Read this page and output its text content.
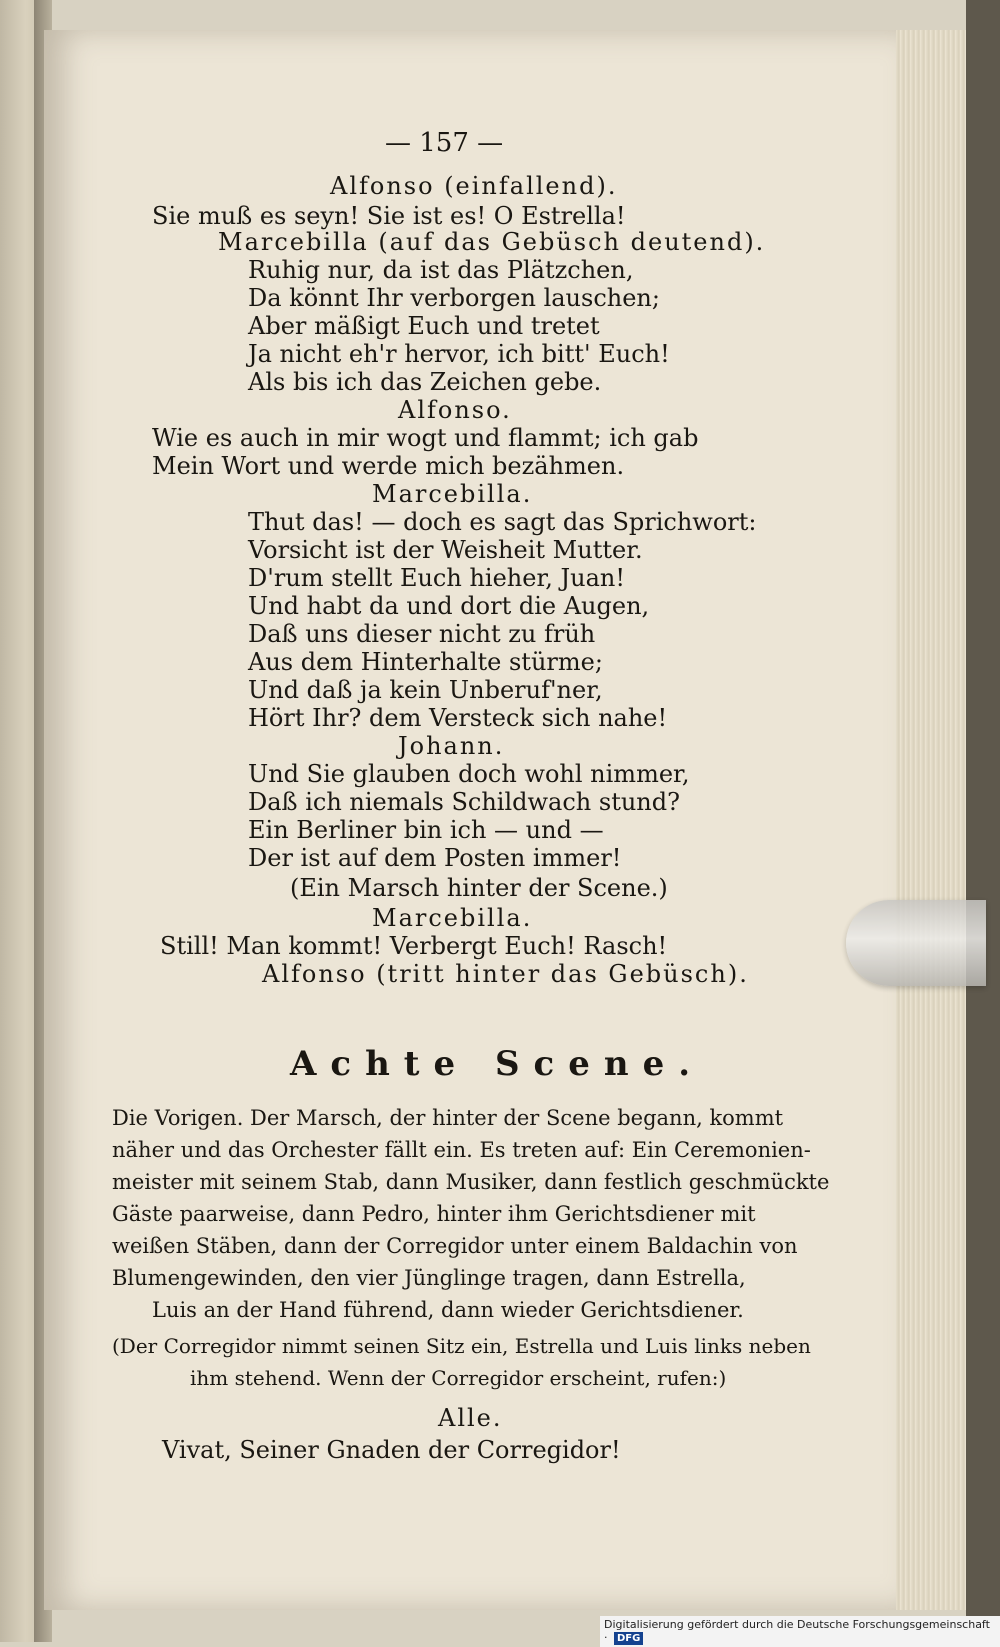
— 157 —
Alfonso (einfallend).
Sie muß es seyn! Sie ist es! O Estrella!
Marcebilla (auf das Gebüsch deutend).
Ruhig nur, da ist das Plätzchen,
Da könnt Ihr verborgen lauschen;
Aber mäßigt Euch und tretet
Ja nicht eh'r hervor, ich bitt' Euch!
Als bis ich das Zeichen gebe.
Alfonso.
Wie es auch in mir wogt und flammt; ich gab
Mein Wort und werde mich bezähmen.
Marcebilla.
Thut das! — doch es sagt das Sprichwort:
Vorsicht ist der Weisheit Mutter.
D'rum stellt Euch hieher, Juan!
Und habt da und dort die Augen,
Daß uns dieser nicht zu früh
Aus dem Hinterhalte stürme;
Und daß ja kein Unberuf'ner,
Hört Ihr? dem Versteck sich nahe!
Johann.
Und Sie glauben doch wohl nimmer,
Daß ich niemals Schildwach stund?
Ein Berliner bin ich — und —
Der ist auf dem Posten immer!
(Ein Marsch hinter der Scene.)
Marcebilla.
Still! Man kommt! Verbergt Euch! Rasch!
Alfonso (tritt hinter das Gebüsch).
Achte Scene.
Die Vorigen. Der Marsch, der hinter der Scene begann, kommt
näher und das Orchester fällt ein. Es treten auf: Ein Ceremonien-
meister mit seinem Stab, dann Musiker, dann festlich geschmückte
Gäste paarweise, dann Pedro, hinter ihm Gerichtsdiener mit
weißen Stäben, dann der Corregidor unter einem Baldachin von
Blumengewinden, den vier Jünglinge tragen, dann Estrella,
Luis an der Hand führend, dann wieder Gerichtsdiener.
(Der Corregidor nimmt seinen Sitz ein, Estrella und Luis links neben
ihm stehend. Wenn der Corregidor erscheint, rufen:)
Alle.
Vivat, Seiner Gnaden der Corregidor!
Digitalisierung gefördert durch die Deutsche Forschungsgemeinschaft · DFG
